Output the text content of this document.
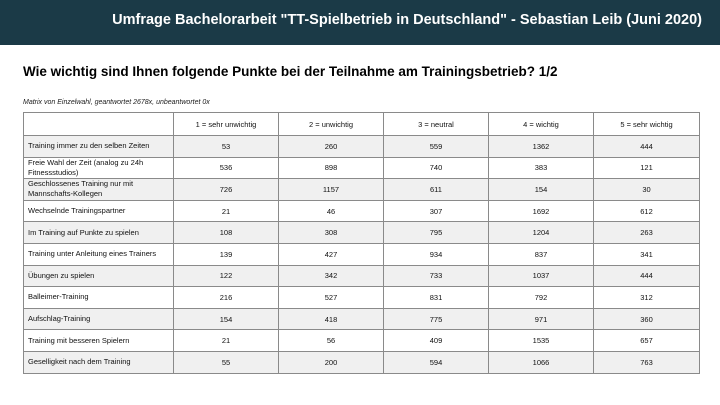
Umfrage Bachelorarbeit "TT-Spielbetrieb in Deutschland" - Sebastian Leib (Juni 2020)
Wie wichtig sind Ihnen folgende Punkte bei der Teilnahme am Trainingsbetrieb? 1/2
Matrix von Einzelwahl, geantwortet 2678x, unbeantwortet 0x
	1 = sehr unwichtig	2 = unwichtig	3 = neutral	4 = wichtig	5 = sehr wichtig
Training immer zu den selben Zeiten	53	260	559	1362	444
Freie Wahl der Zeit (analog zu 24h Fitnessstudios)	536	898	740	383	121
Geschlossenes Training nur mit Mannschafts-Kollegen	726	1157	611	154	30
Wechselnde Trainingspartner	21	46	307	1692	612
Im Training auf Punkte zu spielen	108	308	795	1204	263
Training unter Anleitung eines Trainers	139	427	934	837	341
Übungen zu spielen	122	342	733	1037	444
Balleimer-Training	216	527	831	792	312
Aufschlag-Training	154	418	775	971	360
Training mit besseren Spielern	21	56	409	1535	657
Geselligkeit nach dem Training	55	200	594	1066	763
